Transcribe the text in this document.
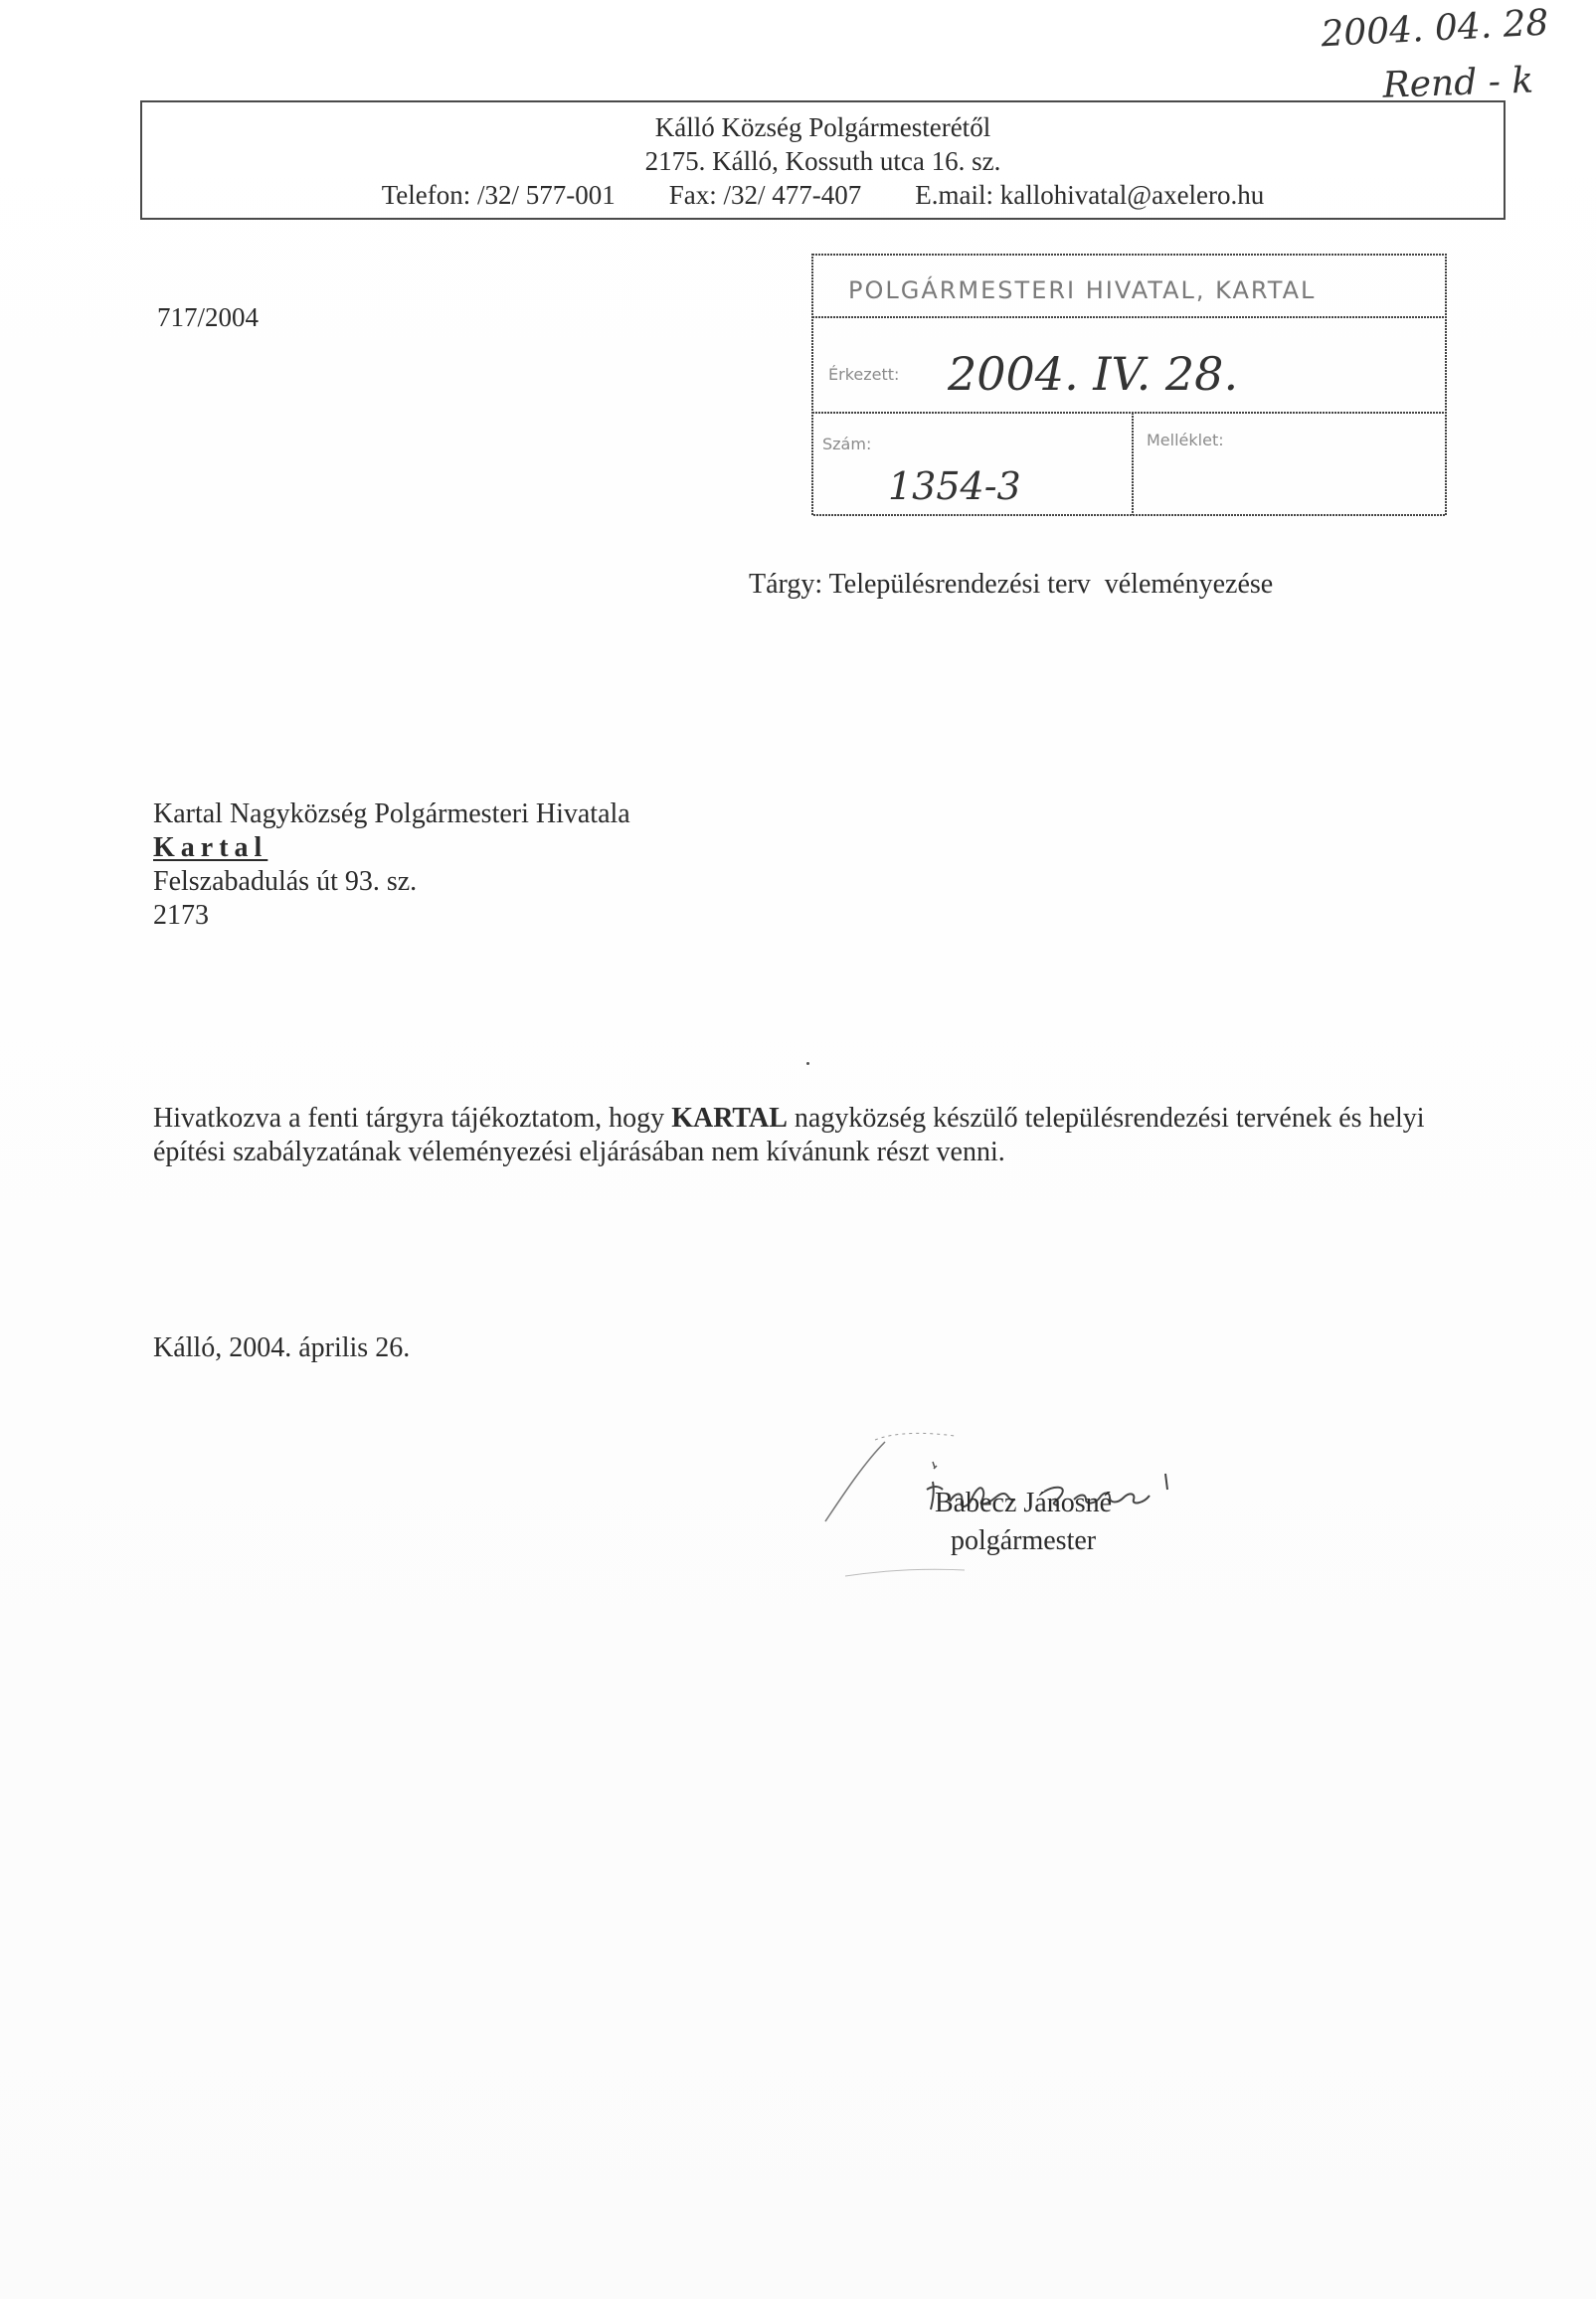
2004. 04. 28
Rend - k
Kálló Község Polgármesterétől
2175. Kálló, Kossuth utca 16. sz.
Telefon: /32/ 577-001 Fax: /32/ 477-407 E.mail: kallohivatal@axelero.hu
717/2004
POLGÁRMESTERI HIVATAL, KARTAL
Érkezett: 2004. IV. 28.
Szám:
1354-3
Melléklet:
Tárgy: Településrendezési terv  véleményezése
Kartal Nagyközség Polgármesteri Hivatala
Kartal
Felszabadulás út 93. sz.
2173
Hivatkozva a fenti tárgyra tájékoztatom, hogy KARTAL nagyközség készülő településrendezési tervének és helyi építési szabályzatának véleményezési eljárásában nem kívánunk részt venni.
Kálló, 2004. április 26.
Babecz Jánosné
polgármester
